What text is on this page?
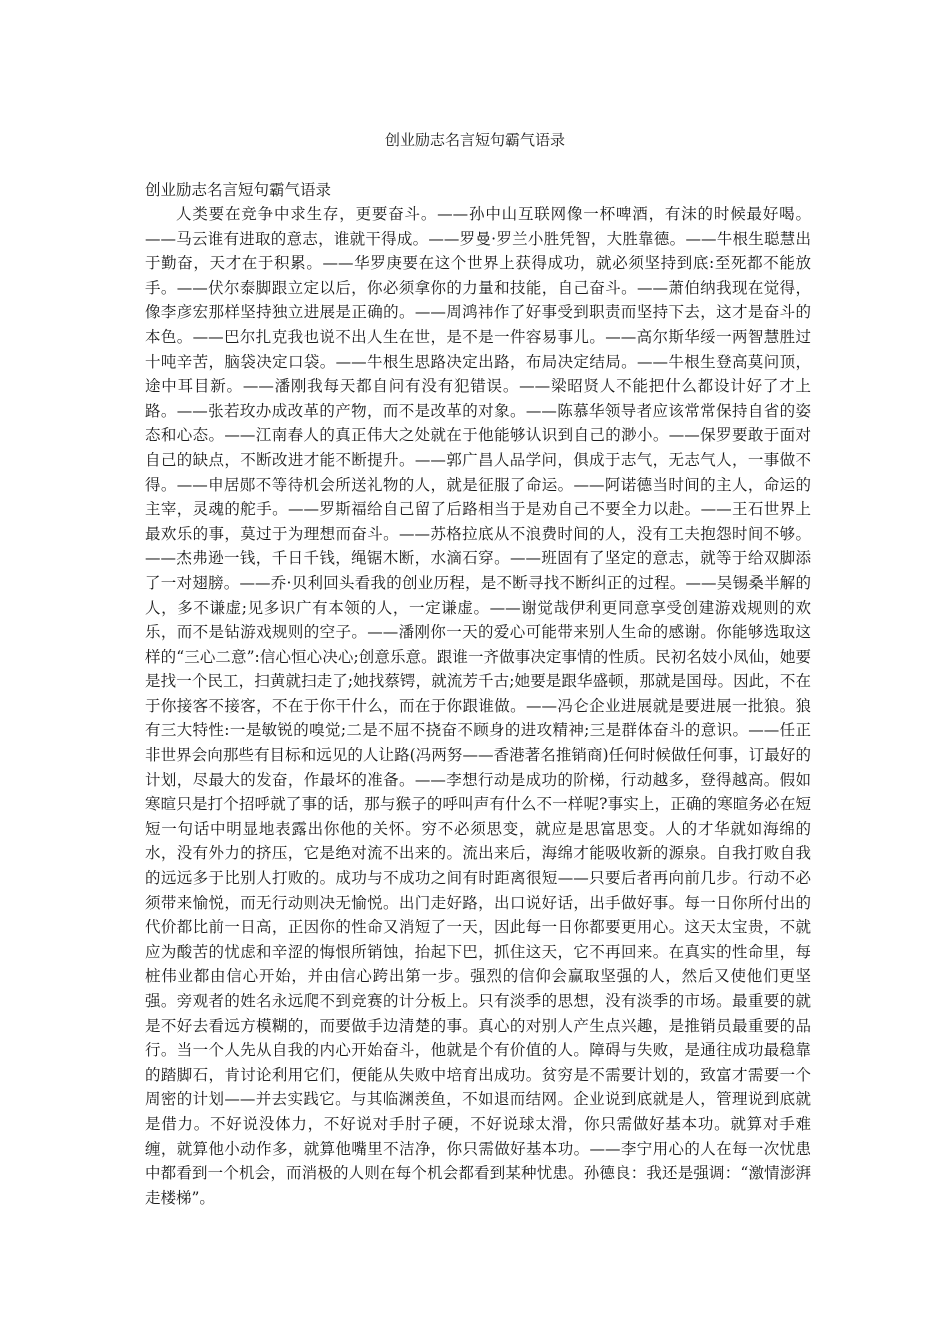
创业励志名言短句霸气语录

创业励志名言短句霸气语录

人类要在竞争中求生存，更要奋斗。——孙中山互联网像一杯啤酒，有沫的时候最好喝。——马云谁有进取的意志，谁就干得成。——罗曼·罗兰小胜凭智，大胜靠德。——牛根生聪慧出于勤奋，天才在于积累。——华罗庚要在这个世界上获得成功，就必须坚持到底:至死都不能放手。——伏尔泰脚跟立定以后，你必须拿你的力量和技能，自己奋斗。——萧伯纳我现在觉得，像李彦宏那样坚持独立进展是正确的。——周鸿祎作了好事受到职责而坚持下去，这才是奋斗的本色。——巴尔扎克我也说不出人生在世，是不是一件容易事儿。——高尔斯华绥一两智慧胜过十吨辛苦，脑袋决定口袋。——牛根生思路决定出路，布局决定结局。——牛根生登高莫问顶，途中耳目新。——潘刚我每天都自问有没有犯错误。——梁昭贤人不能把什么都设计好了才上路。——张若玫办成改革的产物，而不是改革的对象。——陈慕华领导者应该常常保持自省的姿态和心态。——江南春人的真正伟大之处就在于他能够认识到自己的渺小。——保罗要敢于面对自己的缺点，不断改进才能不断提升。——郭广昌人品学问，俱成于志气，无志气人，一事做不得。——申居郧不等待机会所送礼物的人，就是征服了命运。——阿诺德当时间的主人，命运的主宰，灵魂的舵手。——罗斯福给自己留了后路相当于是劝自己不要全力以赴。——王石世界上最欢乐的事，莫过于为理想而奋斗。——苏格拉底从不浪费时间的人，没有工夫抱怨时间不够。——杰弗逊一钱，千日千钱，绳锯木断，水滴石穿。——班固有了坚定的意志，就等于给双脚添了一对翅膀。——乔·贝利回头看我的创业历程，是不断寻找不断纠正的过程。——吴锡桑半解的人，多不谦虚;见多识广有本领的人，一定谦虚。——谢觉哉伊利更同意享受创建游戏规则的欢乐，而不是钻游戏规则的空子。——潘刚你一天的爱心可能带来别人生命的感谢。你能够选取这样的“三心二意”:信心恒心决心;创意乐意。跟谁一齐做事决定事情的性质。民初名妓小凤仙，她要是找一个民工，扫黄就扫走了;她找蔡锷，就流芳千古;她要是跟华盛顿，那就是国母。因此，不在于你接客不接客，不在于你干什么，而在于你跟谁做。——冯仑企业进展就是要进展一批狼。狼有三大特性:一是敏锐的嗅觉;二是不屈不挠奋不顾身的进攻精神;三是群体奋斗的意识。——任正非世界会向那些有目标和远见的人让路(冯两努——香港著名推销商)任何时候做任何事，订最好的计划，尽最大的发奋，作最坏的准备。——李想行动是成功的阶梯，行动越多，登得越高。假如寒暄只是打个招呼就了事的话，那与猴子的呼叫声有什么不一样呢?事实上，正确的寒暄务必在短短一句话中明显地表露出你他的关怀。穷不必须思变，就应是思富思变。人的才华就如海绵的水，没有外力的挤压，它是绝对流不出来的。流出来后，海绵才能吸收新的源泉。自我打败自我的远远多于比别人打败的。成功与不成功之间有时距离很短——只要后者再向前几步。行动不必须带来愉悦，而无行动则决无愉悦。出门走好路，出口说好话，出手做好事。每一日你所付出的代价都比前一日高，正因你的性命又消短了一天，因此每一日你都要更用心。这天太宝贵，不就应为酸苦的忧虑和辛涩的悔恨所销蚀，抬起下巴，抓住这天，它不再回来。在真实的性命里，每桩伟业都由信心开始，并由信心跨出第一步。强烈的信仰会赢取坚强的人，然后又使他们更坚强。旁观者的姓名永远爬不到竞赛的计分板上。只有淡季的思想，没有淡季的市场。最重要的就是不好去看远方模糊的，而要做手边清楚的事。真心的对别人产生点兴趣，是推销员最重要的品行。当一个人先从自我的内心开始奋斗，他就是个有价值的人。障碍与失败，是通往成功最稳靠的踏脚石，肯讨论利用它们，便能从失败中培育出成功。贫穷是不需要计划的，致富才需要一个周密的计划——并去实践它。与其临渊羡鱼，不如退而结网。企业说到底就是人，管理说到底就是借力。不好说没体力，不好说对手肘子硬，不好说球太滑，你只需做好基本功。就算对手难缠，就算他小动作多，就算他嘴里不洁净，你只需做好基本功。——李宁用心的人在每一次忧患中都看到一个机会，而消极的人则在每个机会都看到某种忧患。孙德良：我还是强调：“激情澎湃走楼梯”。
